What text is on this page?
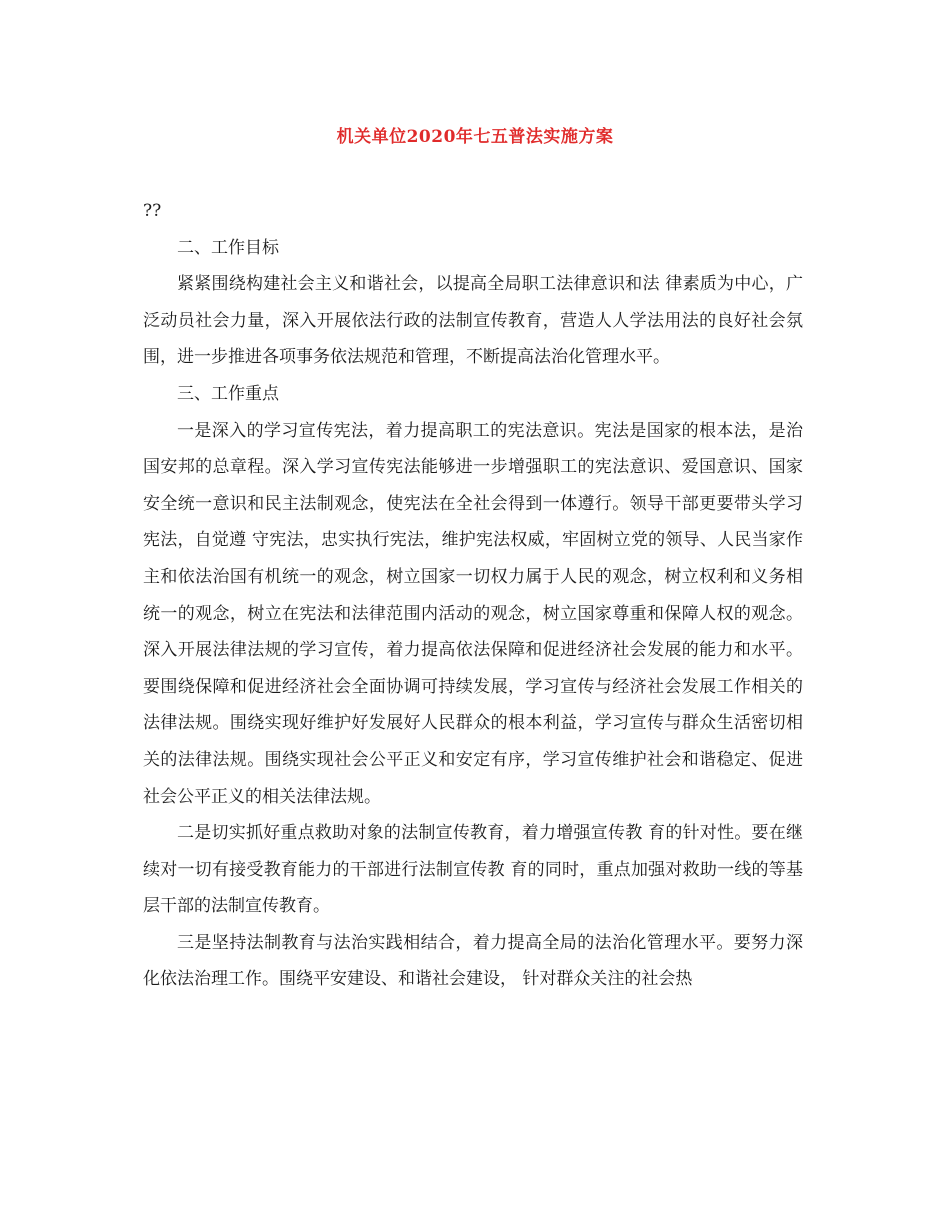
机关单位2020年七五普法实施方案

??

二、工作目标

紧紧围绕构建社会主义和谐社会，以提高全局职工法律意识和法 律素质为中心，广泛动员社会力量，深入开展依法行政的法制宣传教育，营造人人学法用法的良好社会氛围，进一步推进各项事务依法规范和管理，不断提高法治化管理水平。

三、工作重点

一是深入的学习宣传宪法，着力提高职工的宪法意识。宪法是国家的根本法，是治国安邦的总章程。深入学习宣传宪法能够进一步增强职工的宪法意识、爱国意识、国家安全统一意识和民主法制观念，使宪法在全社会得到一体遵行。领导干部更要带头学习宪法，自觉遵 守宪法，忠实执行宪法，维护宪法权威，牢固树立党的领导、人民当家作主和依法治国有机统一的观念，树立国家一切权力属于人民的观念，树立权利和义务相统一的观念，树立在宪法和法律范围内活动的观念，树立国家尊重和保障人权的观念。深入开展法律法规的学习宣传，着力提高依法保障和促进经济社会发展的能力和水平。要围绕保障和促进经济社会全面协调可持续发展，学习宣传与经济社会发展工作相关的法律法规。围绕实现好维护好发展好人民群众的根本利益，学习宣传与群众生活密切相关的法律法规。围绕实现社会公平正义和安定有序，学习宣传维护社会和谐稳定、促进社会公平正义的相关法律法规。

二是切实抓好重点救助对象的法制宣传教育，着力增强宣传教 育的针对性。要在继续对一切有接受教育能力的干部进行法制宣传教 育的同时，重点加强对救助一线的等基层干部的法制宣传教育。

三是坚持法制教育与法治实践相结合，着力提高全局的法治化管理水平。要努力深化依法治理工作。围绕平安建设、和谐社会建设， 针对群众关注的社会热
